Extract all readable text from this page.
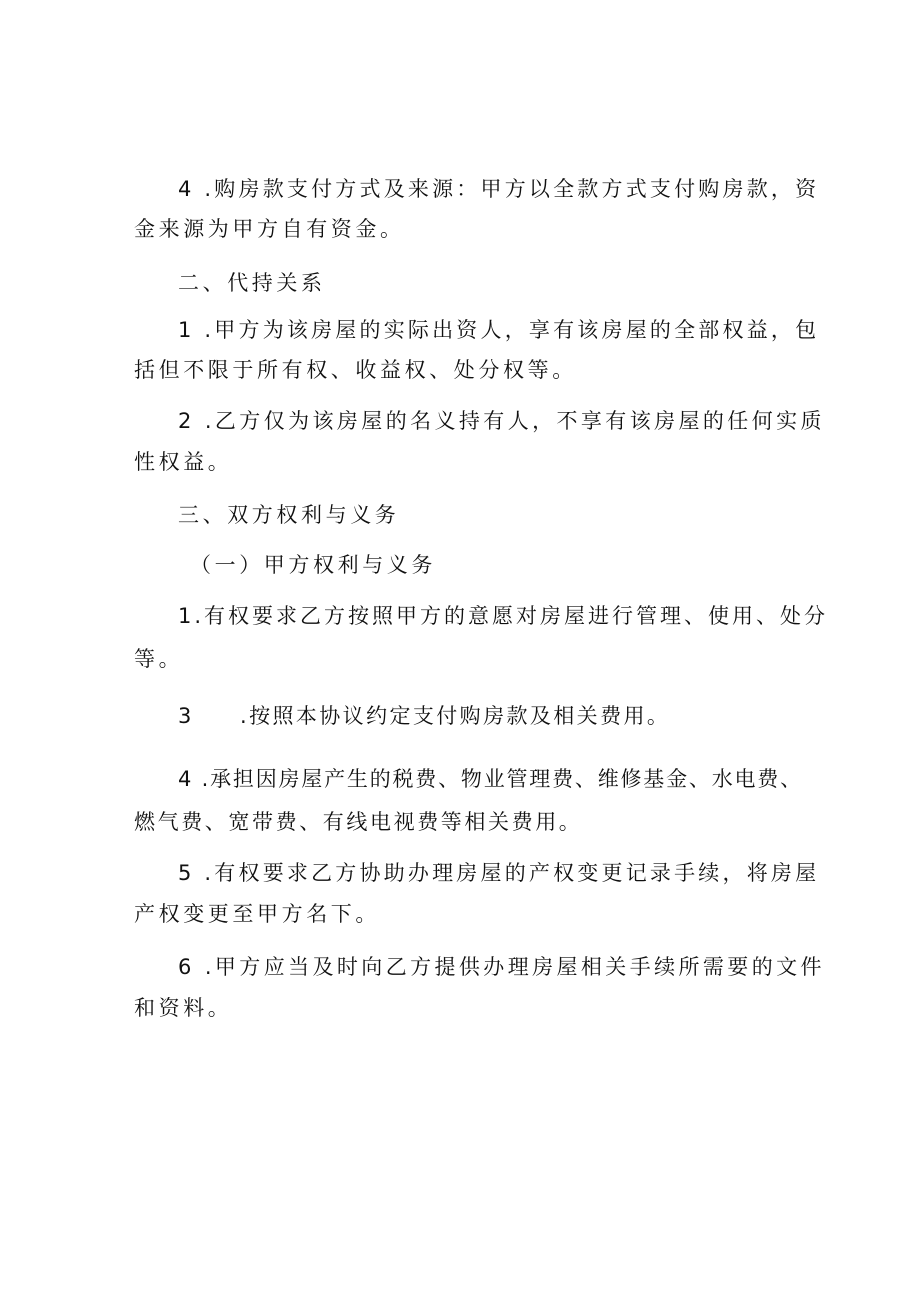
4 .购房款支付方式及来源：甲方以全款方式支付购房款，资
金来源为甲方自有资金。
二、代持关系
1 .甲方为该房屋的实际出资人，享有该房屋的全部权益，包
括但不限于所有权、收益权、处分权等。
2 .乙方仅为该房屋的名义持有人，不享有该房屋的任何实质
性权益。
三、双方权利与义务
（一）甲方权利与义务
1.有权要求乙方按照甲方的意愿对房屋进行管理、使用、处分
等。
3 .按照本协议约定支付购房款及相关费用。
4 .承担因房屋产生的税费、物业管理费、维修基金、水电费、
燃气费、宽带费、有线电视费等相关费用。
5 .有权要求乙方协助办理房屋的产权变更记录手续，将房屋
产权变更至甲方名下。
6 .甲方应当及时向乙方提供办理房屋相关手续所需要的文件
和资料。
